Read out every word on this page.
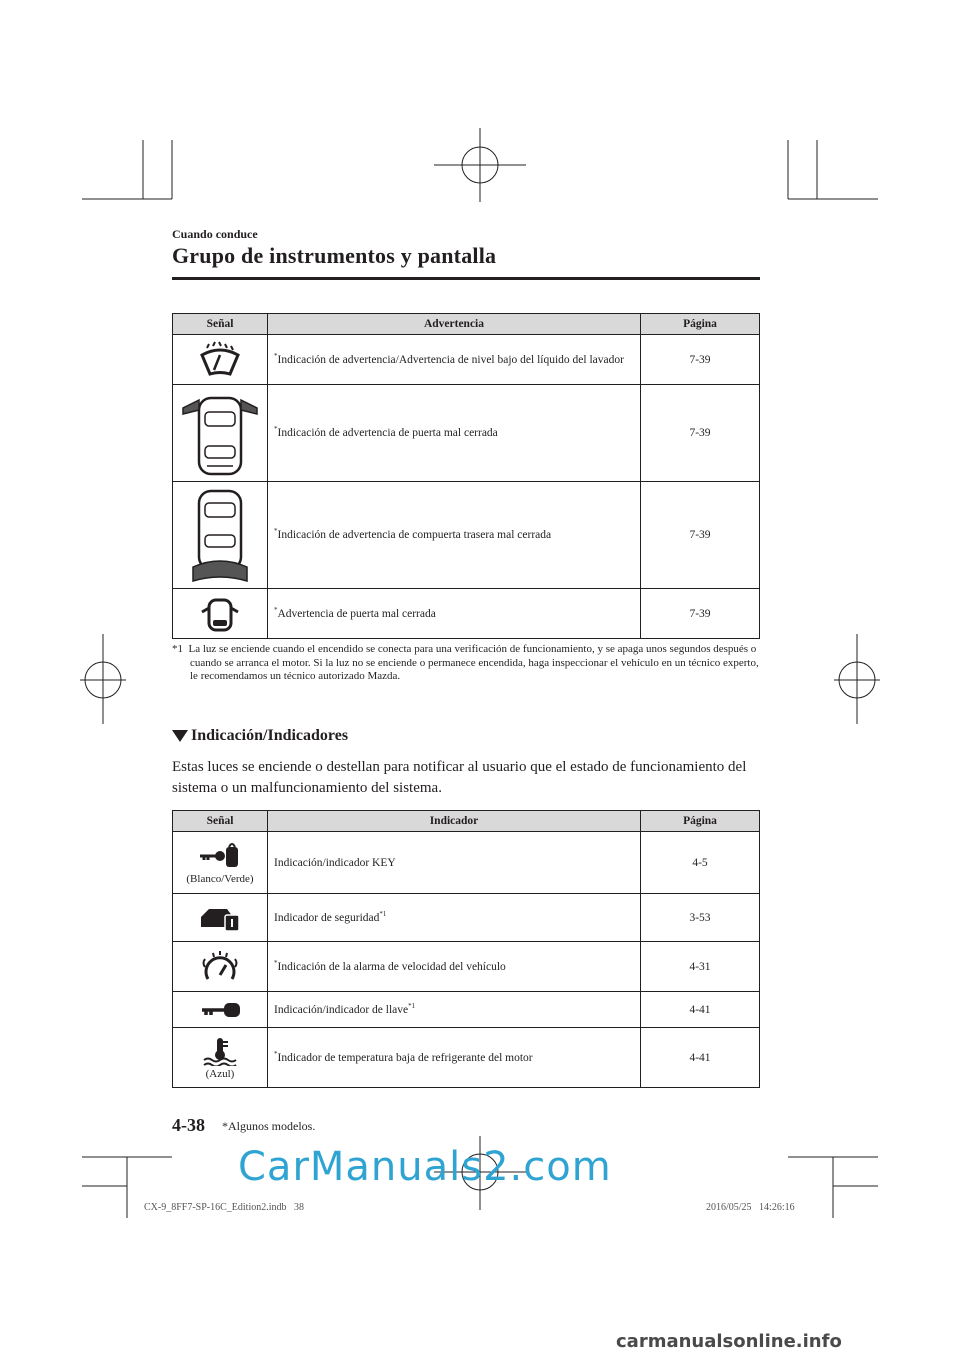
Cuando conduce
Grupo de instrumentos y pantalla
Señal	Advertencia	Página

	*Indicación de advertencia/Advertencia de nivel bajo del líquido del lavador	7-39

	*Indicación de advertencia de puerta mal cerrada	7-39

	*Indicación de advertencia de compuerta trasera mal cerrada	7-39

	*Advertencia de puerta mal cerrada	7-39
*1 La luz se enciende cuando el encendido se conecta para una verificación de funcionamiento, y se apaga unos segundos después o cuando se arranca el motor. Si la luz no se enciende o permanece encendida, haga inspeccionar el vehículo en un técnico experto, le recomendamos un técnico autorizado Mazda.
Indicación/Indicadores
Estas luces se enciende o destellan para notificar al usuario que el estado de funcionamiento del sistema o un malfuncionamiento del sistema.
Señal	Indicador	Página

(Blanco/Verde)	Indicación/indicador KEY	4-5

	Indicador de seguridad$^{*1}$	3-53

	*Indicación de la alarma de velocidad del vehículo	4-31

	Indicación/indicador de llave$^{*1}$	4-41

(Azul)	*Indicador de temperatura baja de refrigerante del motor	4-41
4-38 *Algunos modelos.
CarManuals2.com
CX-9_8FF7-SP-16C_Edition2.indb   38	2016/05/25   14:26:16
carmanualsonline.info
